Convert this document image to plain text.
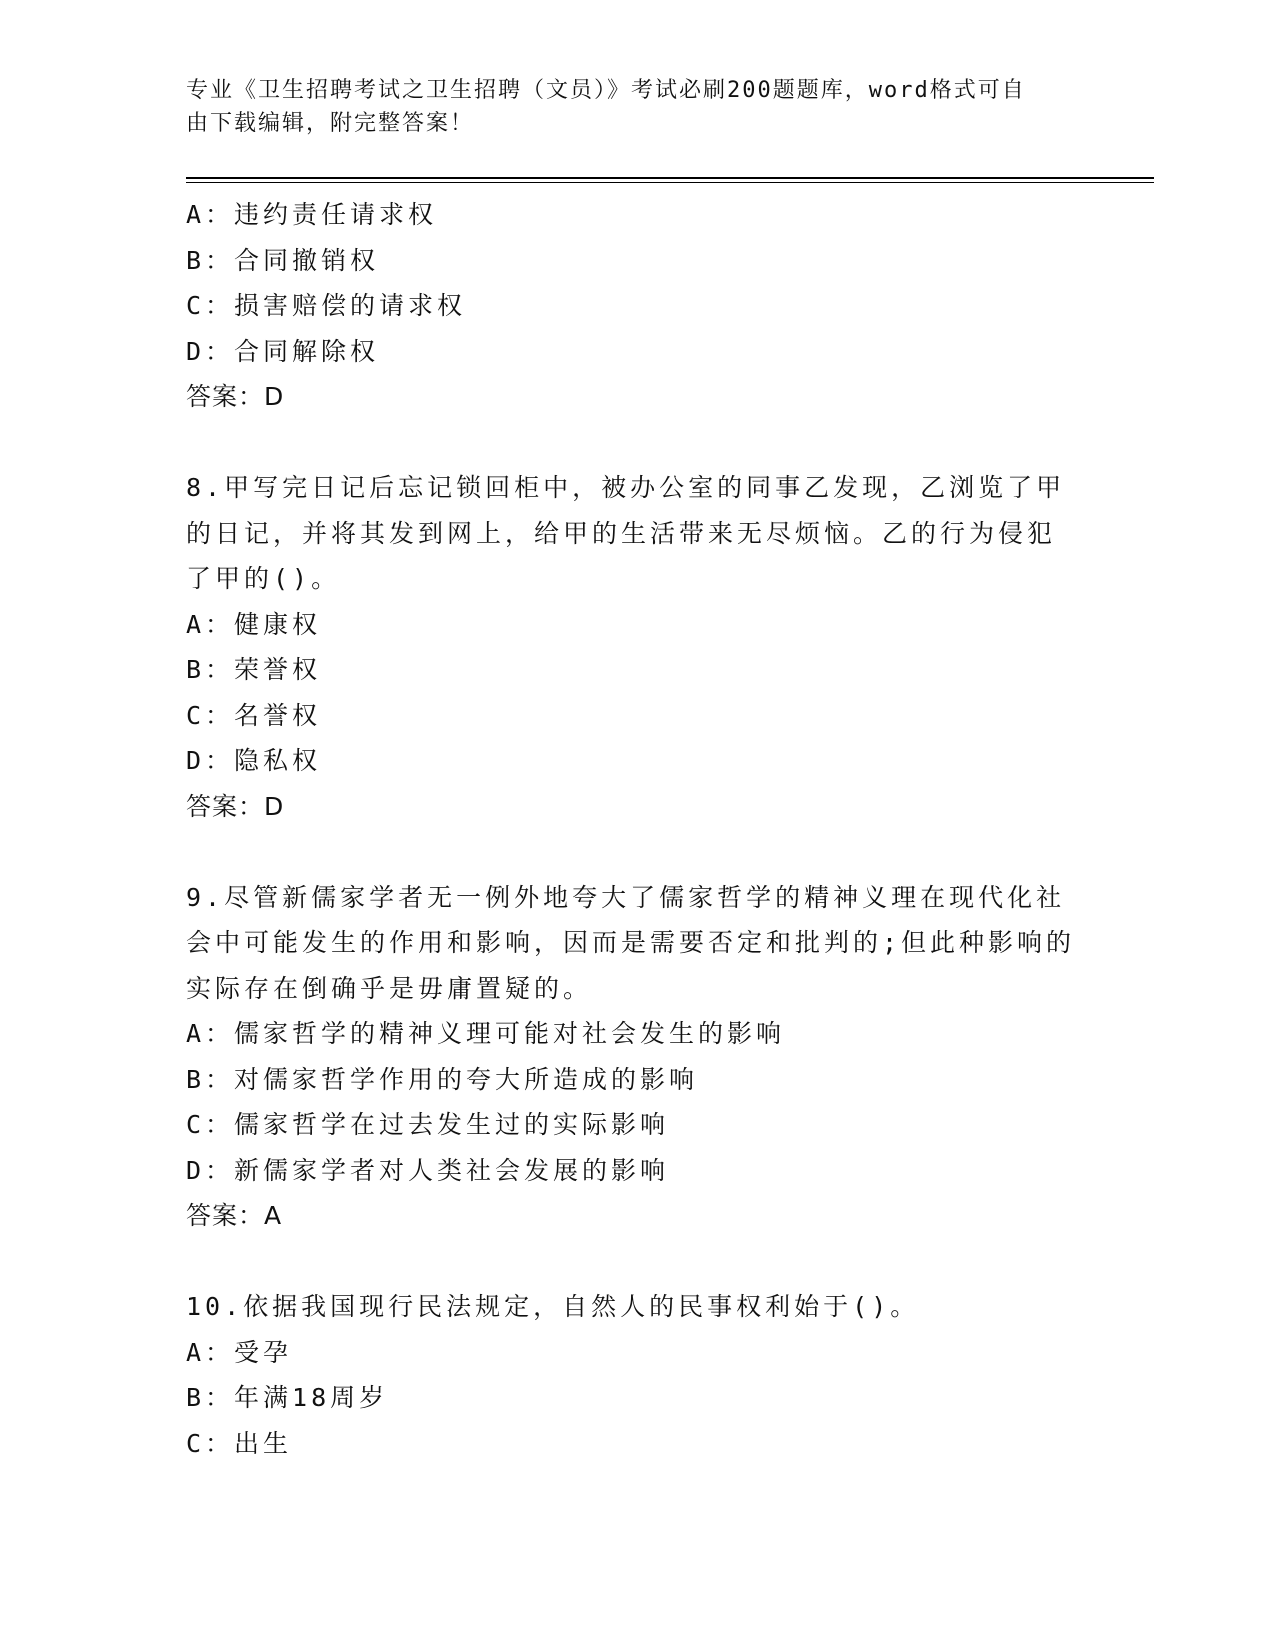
专业《卫生招聘考试之卫生招聘（文员）》考试必刷200题题库，word格式可自
由下载编辑，附完整答案！
A：违约责任请求权
B：合同撤销权
C：损害赔偿的请求权
D：合同解除权
答案：D
8.甲写完日记后忘记锁回柜中，被办公室的同事乙发现，乙浏览了甲
的日记，并将其发到网上，给甲的生活带来无尽烦恼。乙的行为侵犯
了甲的()。
A：健康权
B：荣誉权
C：名誉权
D：隐私权
答案：D
9.尽管新儒家学者无一例外地夸大了儒家哲学的精神义理在现代化社
会中可能发生的作用和影响，因而是需要否定和批判的;但此种影响的
实际存在倒确乎是毋庸置疑的。
A：儒家哲学的精神义理可能对社会发生的影响
B：对儒家哲学作用的夸大所造成的影响
C：儒家哲学在过去发生过的实际影响
D：新儒家学者对人类社会发展的影响
答案：A
10.依据我国现行民法规定，自然人的民事权利始于()。
A：受孕
B：年满18周岁
C：出生
